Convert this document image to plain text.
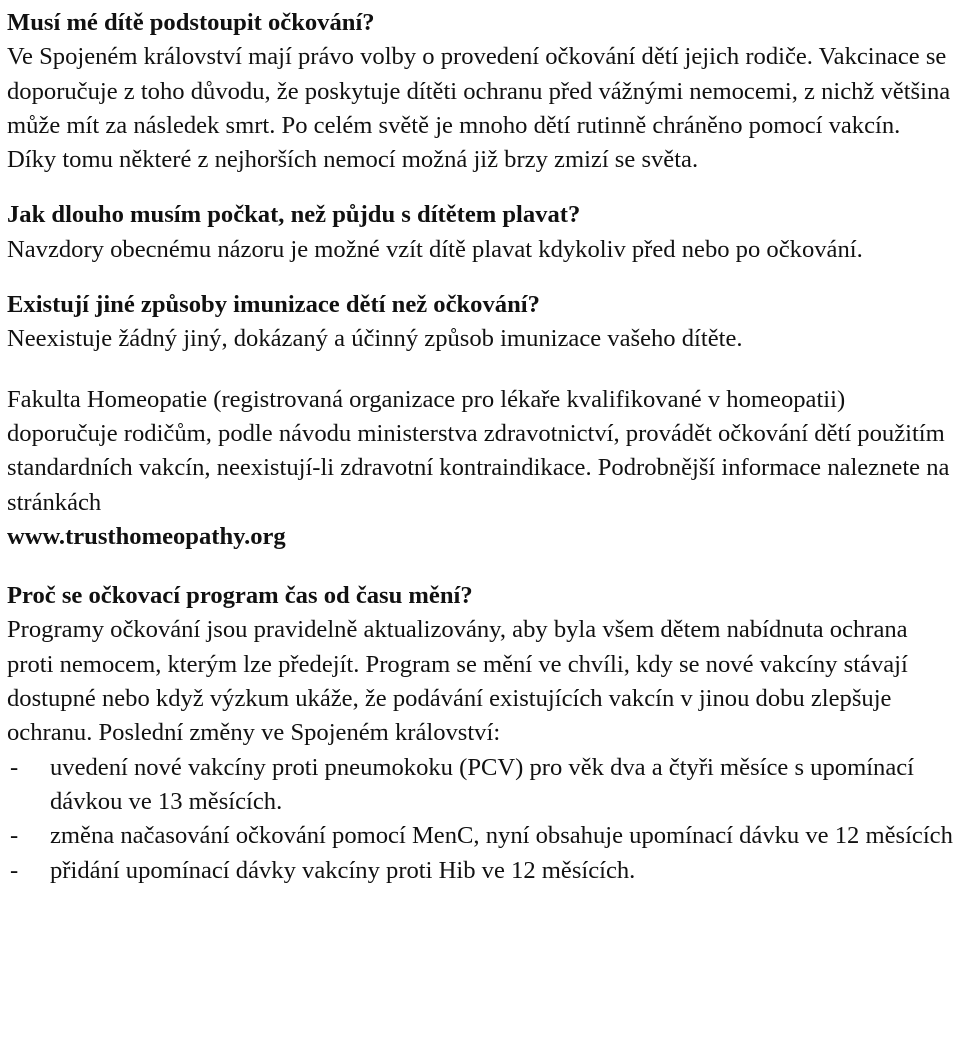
Musí mé dítě podstoupit očkování?

Ve Spojeném království mají právo volby o provedení očkování dětí jejich rodiče. Vakcinace se doporučuje z toho důvodu, že poskytuje dítěti ochranu před vážnými nemocemi, z nichž většina může mít za následek smrt. Po celém světě je mnoho dětí rutinně chráněno pomocí vakcín. Díky tomu některé z nejhorších nemocí možná již brzy zmizí se světa.

Jak dlouho musím počkat, než půjdu s dítětem plavat?

Navzdory obecnému názoru je možné vzít dítě plavat kdykoliv před nebo po očkování.

Existují jiné způsoby imunizace dětí než očkování?

Neexistuje žádný jiný, dokázaný a účinný způsob imunizace vašeho dítěte.

Fakulta Homeopatie (registrovaná organizace pro lékaře kvalifikované v homeopatii) doporučuje rodičům, podle návodu ministerstva zdravotnictví, provádět očkování dětí použitím standardních vakcín, neexistují-li zdravotní kontraindikace. Podrobnější informace naleznete na stránkách

www.trusthomeopathy.org

Proč se očkovací program čas od času mění?

Programy očkování jsou pravidelně aktualizovány, aby byla všem dětem nabídnuta ochrana proti nemocem, kterým lze předejít. Program se mění ve chvíli, kdy se nové vakcíny stávají dostupné nebo když výzkum ukáže, že podávání existujících vakcín v jinou dobu zlepšuje ochranu. Poslední změny ve Spojeném království:

- uvedení nové vakcíny proti pneumokoku (PCV) pro věk dva a čtyři měsíce s upomínací dávkou ve 13 měsících.
- změna načasování očkování pomocí MenC, nyní obsahuje upomínací dávku ve 12 měsících
- přidání upomínací dávky vakcíny proti Hib ve 12 měsících.
